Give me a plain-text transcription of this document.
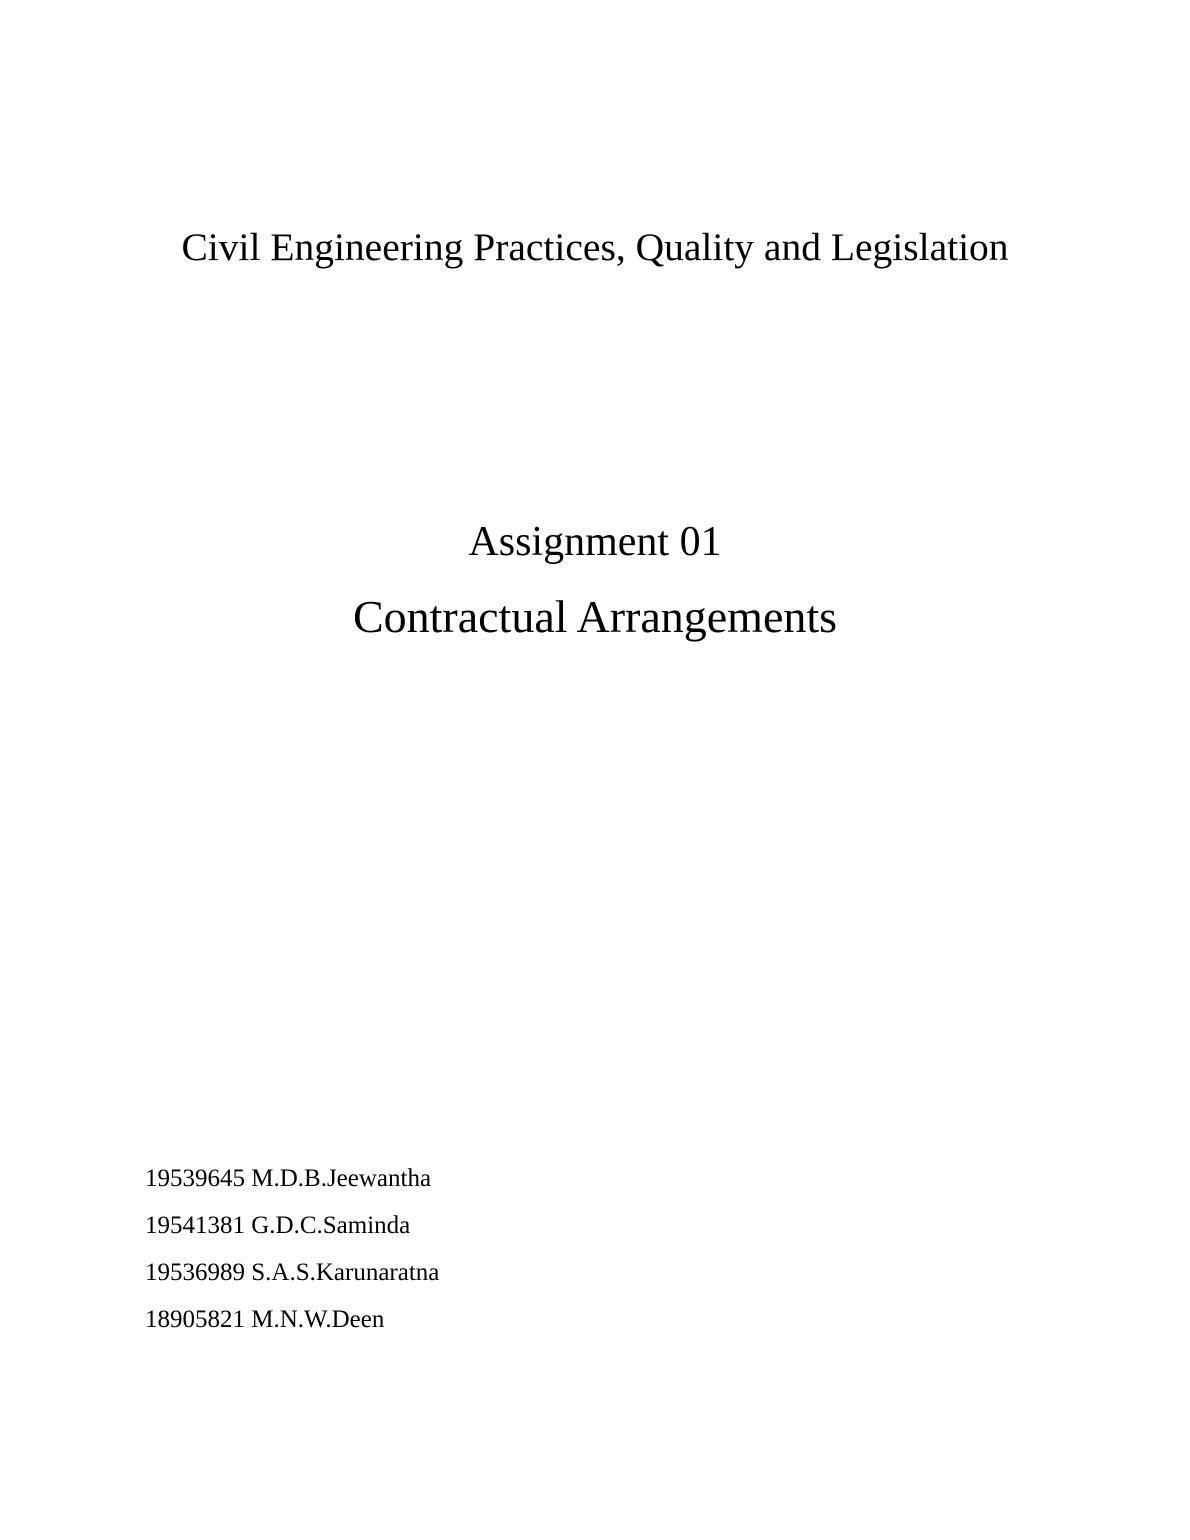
Civil Engineering Practices, Quality and Legislation
Assignment 01
Contractual Arrangements
19539645 M.D.B.Jeewantha
19541381 G.D.C.Saminda
19536989 S.A.S.Karunaratna
18905821 M.N.W.Deen
